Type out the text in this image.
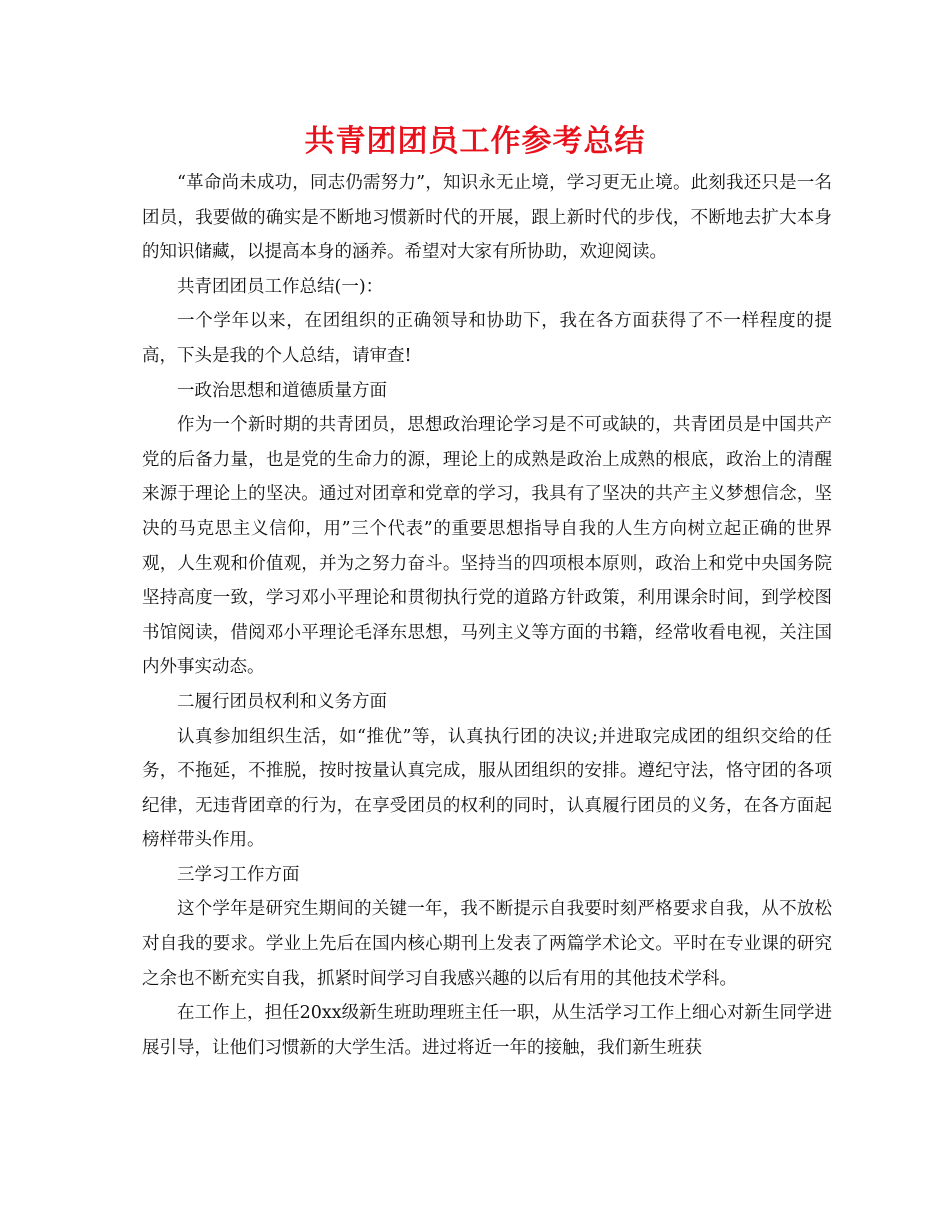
共青团团员工作参考总结

“革命尚未成功，同志仍需努力”，知识永无止境，学习更无止境。此刻我还只是一名团员，我要做的确实是不断地习惯新时代的开展，跟上新时代的步伐，不断地去扩大本身的知识储藏，以提高本身的涵养。希望对大家有所协助，欢迎阅读。

共青团团员工作总结(一)：

一个学年以来，在团组织的正确领导和协助下，我在各方面获得了不一样程度的提高，下头是我的个人总结，请审查!

一政治思想和道德质量方面

作为一个新时期的共青团员，思想政治理论学习是不可或缺的，共青团员是中国共产党的后备力量，也是党的生命力的源，理论上的成熟是政治上成熟的根底，政治上的清醒来源于理论上的坚决。通过对团章和党章的学习，我具有了坚决的共产主义梦想信念，坚决的马克思主义信仰，用”三个代表”的重要思想指导自我的人生方向树立起正确的世界观，人生观和价值观，并为之努力奋斗。坚持当的四项根本原则，政治上和党中央国务院坚持高度一致，学习邓小平理论和贯彻执行党的道路方针政策，利用课余时间，到学校图书馆阅读，借阅邓小平理论毛泽东思想，马列主义等方面的书籍，经常收看电视，关注国内外事实动态。

二履行团员权利和义务方面

认真参加组织生活，如“推优”等，认真执行团的决议;并进取完成团的组织交给的任务，不拖延，不推脱，按时按量认真完成，服从团组织的安排。遵纪守法，恪守团的各项纪律，无违背团章的行为，在享受团员的权利的同时，认真履行团员的义务，在各方面起榜样带头作用。

三学习工作方面

这个学年是研究生期间的关键一年，我不断提示自我要时刻严格要求自我，从不放松对自我的要求。学业上先后在国内核心期刊上发表了两篇学术论文。平时在专业课的研究之余也不断充实自我，抓紧时间学习自我感兴趣的以后有用的其他技术学科。

在工作上，担任20xx级新生班助理班主任一职，从生活学习工作上细心对新生同学进展引导，让他们习惯新的大学生活。进过将近一年的接触，我们新生班获
